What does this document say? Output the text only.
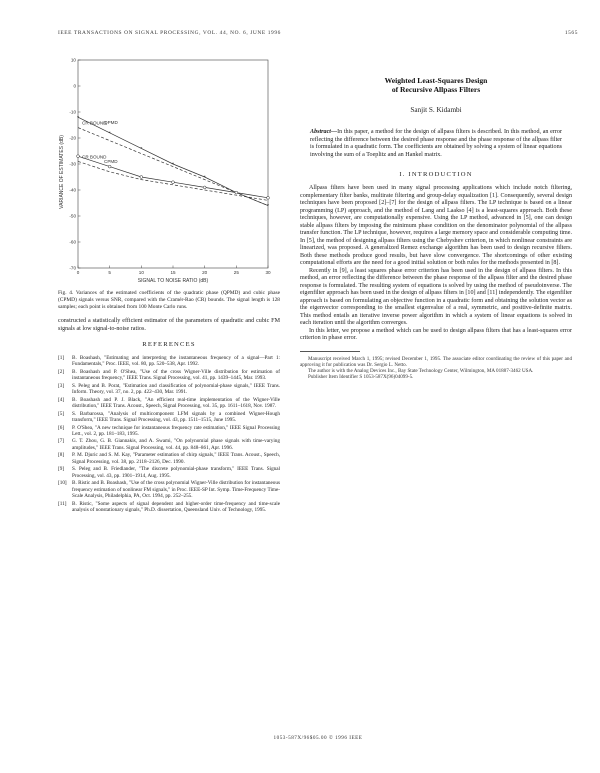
IEEE TRANSACTIONS ON SIGNAL PROCESSING, VOL. 44, NO. 6, JUNE 1996	1565
CR BOUND
*
*
*
*
*
*
QPMD
CR BOUND
CPMD
0	5	10	15	20	25	30
-70
-60
-50
-40
-30
-20
-10
0
10
SIGNAL TO NOISE RATIO (dB)
VARIANCE OF ESTIMATES (dB)
Fig. 4. Variances of the estimated coefficients of the quadratic phase (QPMD) and cubic phase (CPMD) signals versus SNR, compared with the Cramér-Rao (CR) bounds. The signal length is 128 samples; each point is obtained from 100 Monte Carlo runs.
constructed a statistically efficient estimator of the parameters of quadratic and cubic FM signals at low signal-to-noise ratios.
REFERENCES
[1] B. Boashash, "Estimating and interpreting the instantaneous frequency of a signal—Part 1: Fundamentals," Proc. IEEE, vol. 80, pp. 520–538, Apr. 1992.
[2] B. Boashash and P. O'Shea, "Use of the cross Wigner-Ville distribution for estimation of instantaneous frequency," IEEE Trans. Signal Processing, vol. 41, pp. 1439–1445, Mar. 1993.
[3] S. Peleg and B. Porat, "Estimation and classification of polynomial-phase signals," IEEE Trans. Inform. Theory, vol. 37, no. 2, pp. 422–430, Mar. 1991.
[4] B. Boashash and P. J. Black, "An efficient real-time implementation of the Wigner-Ville distribution," IEEE Trans. Acoust., Speech, Signal Processing, vol. 35, pp. 1611–1618, Nov. 1987.
[5] S. Barbarossa, "Analysis of multicomponent LFM signals by a combined Wigner-Hough transform," IEEE Trans. Signal Processing, vol. 43, pp. 1511–1515, June 1995.
[6] P. O'Shea, "A new technique for instantaneous frequency rate estimation," IEEE Signal Processing Lett., vol. 2, pp. 181–183, 1995.
[7] G. T. Zhou, G. B. Giannakis, and A. Swami, "On polynomial phase signals with time-varying amplitudes," IEEE Trans. Signal Processing, vol. 44, pp. 848–861, Apr. 1996.
[8] P. M. Djuric and S. M. Kay, "Parameter estimation of chirp signals," IEEE Trans. Acoust., Speech, Signal Processing, vol. 38, pp. 2118–2126, Dec. 1990.
[9] S. Peleg and B. Friedlander, "The discrete polynomial-phase transform," IEEE Trans. Signal Processing, vol. 43, pp. 1901–1914, Aug. 1995.
[10] B. Ristic and B. Boashash, "Use of the cross polynomial Wigner-Ville distribution for instantaneous frequency estimation of nonlinear FM signals," in Proc. IEEE-SP Int. Symp. Time-Frequency Time-Scale Analysis, Philadelphia, PA, Oct. 1994, pp. 252–255.
[11] B. Ristic, "Some aspects of signal dependent and higher-order time-frequency and time-scale analysis of nonstationary signals," Ph.D. dissertation, Queensland Univ. of Technology, 1995.
Weighted Least-Squares Design
of Recursive Allpass Filters
Sanjit S. Kidambi
Abstract—In this paper, a method for the design of allpass filters is described. In this method, an error reflecting the difference between the desired phase response and the phase response of the allpass filter is formulated in a quadratic form. The coefficients are obtained by solving a system of linear equations involving the sum of a Toeplitz and an Hankel matrix.
I. INTRODUCTION
Allpass filters have been used in many signal processing applications which include notch filtering, complementary filter banks, multirate filtering and group-delay equalization [1]. Consequently, several design techniques have been proposed [2]–[7] for the design of allpass filters. The LP technique is based on a linear programming (LP) approach, and the method of Lang and Laakso [4] is a least-squares approach. Both these techniques, however, are computationally expensive. Using the LP method, advanced in [5], one can design stable allpass filters by imposing the minimum phase condition on the denominator polynomial of the allpass transfer function. The LP technique, however, requires a large memory space and considerable computing time. In [5], the method of designing allpass filters using the Chebyshev criterion, in which nonlinear constraints are linearized, was proposed. A generalized Remez exchange algorithm has been used to design recursive filters. Both these methods produce good results, but have slow convergence. The shortcomings of other existing computational efforts are the need for a good initial solution or both rules for the methods presented in [8].
Recently in [9], a least squares phase error criterion has been used in the design of allpass filters. In this method, an error reflecting the difference between the phase response of the allpass filter and the desired phase response is formulated. The resulting system of equations is solved by using the method of pseudoinverse. The eigenfilter approach has been used in the design of allpass filters in [10] and [11] independently. The eigenfilter approach is based on formulating an objective function in a quadratic form and obtaining the solution vector as the eigenvector corresponding to the smallest eigenvalue of a real, symmetric, and positive-definite matrix. This method entails an iterative inverse power algorithm in which a system of linear equations is solved in each iteration until the algorithm converges.
In this letter, we propose a method which can be used to design allpass filters that has a least-squares error criterion in phase error.
Manuscript received March 1, 1995; revised December 1, 1995. The associate editor coordinating the review of this paper and approving it for publication was Dr. Sergio L. Netto.
The author is with the Analog Devices Inc., Bay State Technology Center, Wilmington, MA 01887-3462 USA.
Publisher Item Identifier S 1053-587X(96)04099-5.
1053-587X/96$05.00 © 1996 IEEE
